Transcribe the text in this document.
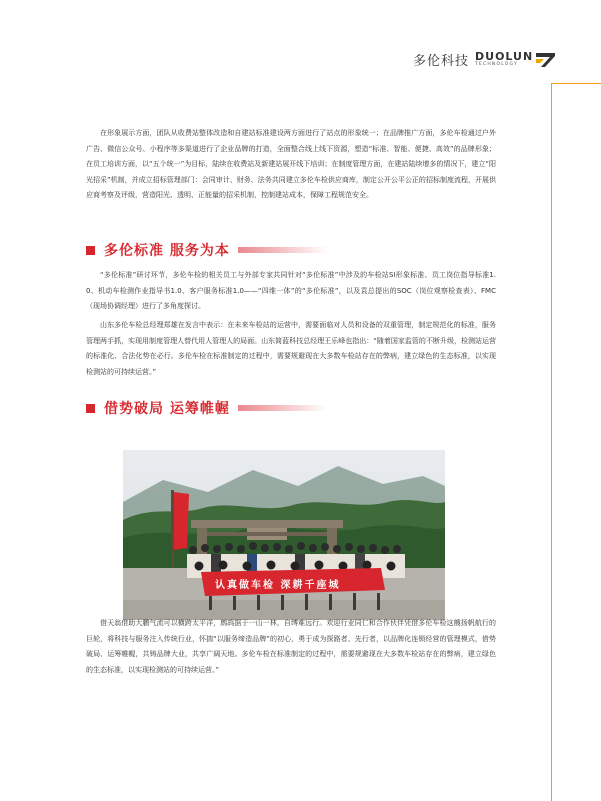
多伦科技 DUOLUN
TECHNOLOGY

在形象展示方面，团队从收费站整体改造和自建站标准建设两方面进行了站点的形象统一；在品牌推广方面，多伦车检通过户外广告、微信公众号、小程序等多渠道进行了企业品牌的打造，全面整合线上线下资源，塑造“标准、智能、便捷、高效”的品牌形象；在员工培训方面，以“五个统一”为目标，陆续在收费站及新建站展开线下培训；在制度管理方面，在建站陆续增多的情况下，建立“阳光招采”机制，并成立招标管理部门：会同审计、财务、法务共同建立多伦车检供应商库，制定公开公平公正的招标制度流程，开展供应商考察及评级，营造阳光、透明、正能量的招采机制，控制建站成本，保障工程规范安全。

多伦标准 服务为本

“多伦标准”研讨环节，多伦车检的相关员工与外部专家共同针对“多伦标准”中涉及的车检站SI形象标准、员工岗位指导标准1.0、机动车检测作业指导书1.0、客户服务标准1.0——“四维一体”的“多伦标准”，以及袁总提出的SOC（岗位观察检查表）、FMC（现场协调经理）进行了多角度探讨。

山东多伦车检总经理郑雄在发言中表示：在未来车检站的运营中，需要面临对人员和设备的双重管理，制定规范化的标准，服务管理两手抓，实现用制度管理人替代用人管理人的局面。山东简蓝科技总经理王乐峰也指出：“随着国家监管的不断升级，检测站运营的标准化、合法化势在必行。多伦车检在标准制定的过程中，需要规避现在大多数车检站存在的弊病，建立绿色的生态标准，以实现检测站的可持续运营。”

借势破局 运筹帷幄
认真做车检 深耕千座城

借天翁借助大鹏气流可以横跨太平洋，鹧鸪据于一山一林，自缚难远行。欢迎行业同仁和合作伙伴凭借多伦车检这艘扬帆航行的巨轮，将科技与服务注入传统行业，怀揣“以服务缔造品牌”的初心，勇于成为探路者、先行者，以品牌化连锁经营的管理模式，借势破局、运筹帷幄，共铸品牌大业，共享广阔天地。多伦车检在标准制定的过程中，需要规避现在大多数车检站存在的弊病，建立绿色的生态标准，以实现检测站的可持续运营。”
